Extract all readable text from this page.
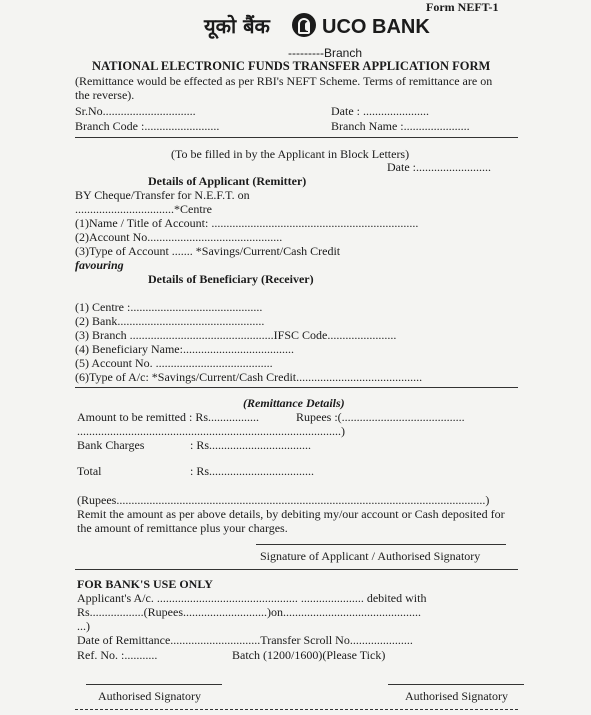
Form NEFT-1
यूको बैंक	UCO BANK
---------Branch
NATIONAL ELECTRONIC FUNDS TRANSFER APPLICATION FORM
(Remittance would be effected as per RBI's NEFT Scheme. Terms of remittance are on
the reverse).
Sr.No...............................	Date : ......................
Branch Code :.........................	Branch Name :......................
(To be filled in by the Applicant in Block Letters)
Date :.........................
Details of Applicant (Remitter)
BY Cheque/Transfer for N.E.F.T. on
.................................*Centre
(1)Name / Title of Account: .....................................................................
(2)Account No.............................................
(3)Type of Account ....... *Savings/Current/Cash Credit
favouring
Details of Beneficiary (Receiver)
(1) Centre :............................................
(2) Bank.................................................
(3) Branch ................................................IFSC Code.......................
(4) Beneficiary Name:.....................................
(5) Account No. .......................................
(6)Type of A/c: *Savings/Current/Cash Credit..........................................
(Remittance Details)
Amount to be remitted : Rs.................	Rupees :(.........................................
........................................................................................)
Bank Charges	: Rs..................................
Total	: Rs...................................
(Rupees...........................................................................................................................)
Remit the amount as per above details, by debiting my/our account or Cash deposited for
the amount of remittance plus your charges.
Signature of Applicant / Authorised Signatory
FOR BANK'S USE ONLY
Applicant's A/c. ............................................... ..................... debited with
Rs..................(Rupees............................)on..............................................
...)
Date of Remittance..............................Transfer Scroll No.....................
Ref. No. :...........	Batch (1200/1600)(Please Tick)
Authorised Signatory	Authorised Signatory
